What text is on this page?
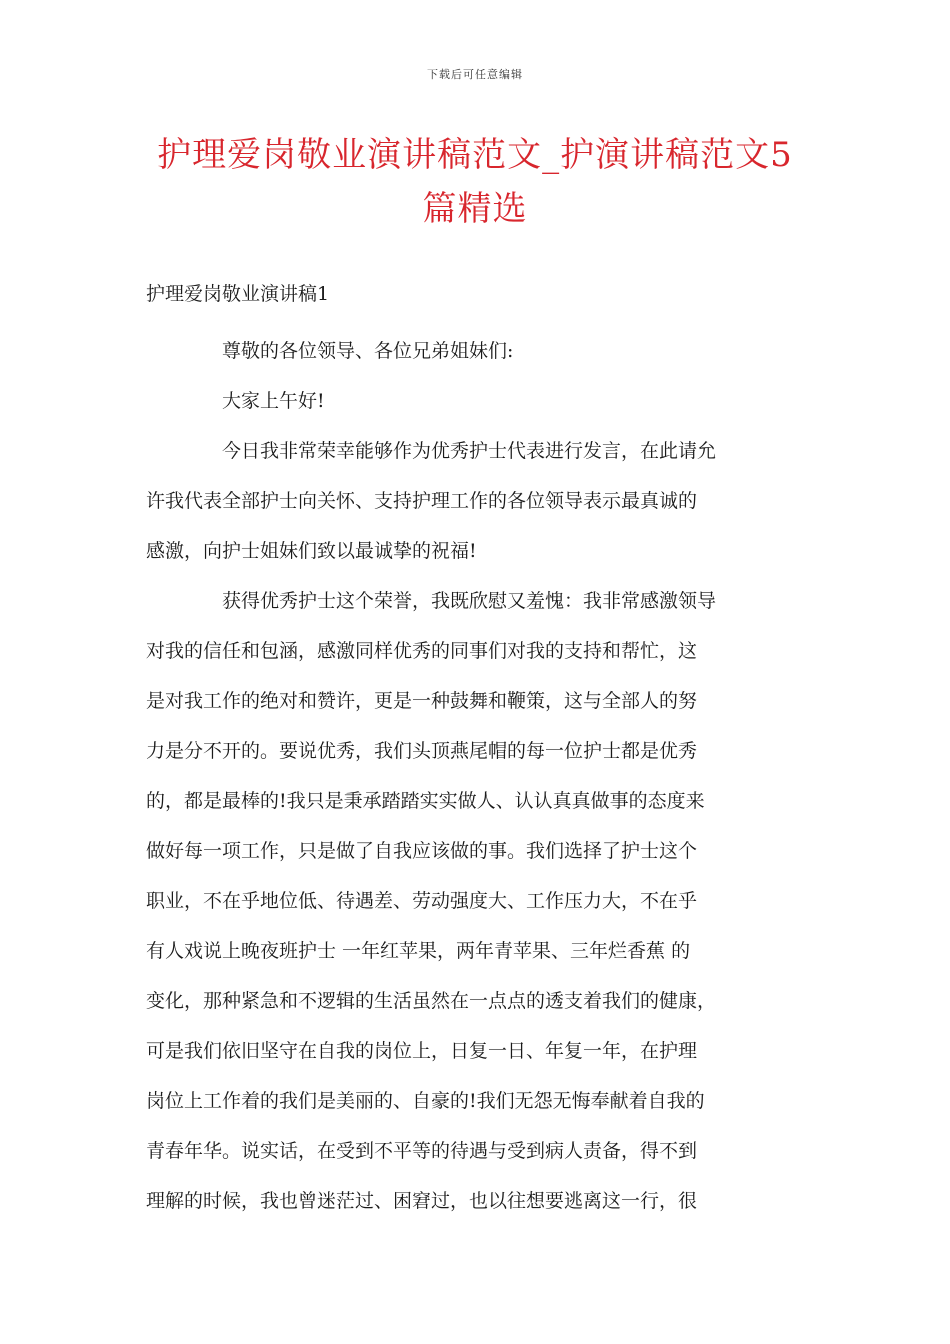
下载后可任意编辑
护理爱岗敬业演讲稿范文_护演讲稿范文5
篇精选
护理爱岗敬业演讲稿1
尊敬的各位领导、各位兄弟姐妹们:
大家上午好!
今日我非常荣幸能够作为优秀护士代表进行发言，在此请允
许我代表全部护士向关怀、支持护理工作的各位领导表示最真诚的
感激，向护士姐妹们致以最诚挚的祝福!
获得优秀护士这个荣誉，我既欣慰又羞愧：我非常感激领导
对我的信任和包涵，感激同样优秀的同事们对我的支持和帮忙，这
是对我工作的绝对和赞许，更是一种鼓舞和鞭策，这与全部人的努
力是分不开的。要说优秀，我们头顶燕尾帽的每一位护士都是优秀
的，都是最棒的!我只是秉承踏踏实实做人、认认真真做事的态度来
做好每一项工作，只是做了自我应该做的事。我们选择了护士这个
职业，不在乎地位低、待遇差、劳动强度大、工作压力大，不在乎
有人戏说上晚夜班护士 一年红苹果，两年青苹果、三年烂香蕉 的
变化，那种紧急和不逻辑的生活虽然在一点点的透支着我们的健康，
可是我们依旧坚守在自我的岗位上，日复一日、年复一年，在护理
岗位上工作着的我们是美丽的、自豪的!我们无怨无悔奉献着自我的
青春年华。说实话，在受到不平等的待遇与受到病人责备，得不到
理解的时候，我也曾迷茫过、困窘过，也以往想要逃离这一行，很
